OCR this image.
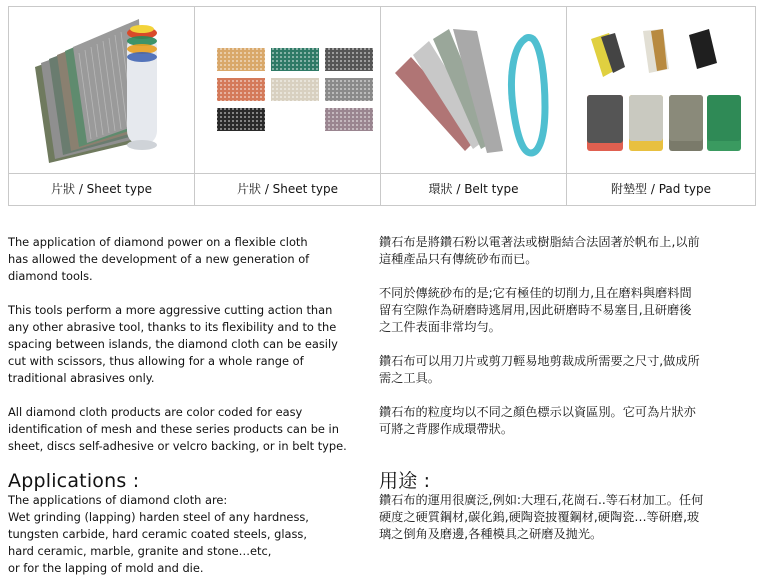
片狀 / Sheet type	片狀 / Sheet type	環狀 / Belt type	附墊型 / Pad type

The application of diamond power on a flexible cloth
has allowed the development of a new generation of
diamond tools.

This tools perform a more aggressive cutting action than
any other abrasive tool, thanks to its flexibility and to the
spacing between islands, the diamond cloth can be easily
cut with scissors, thus allowing for a whole range of
traditional abrasives only.

All diamond cloth products are color coded for easy
identification of mesh and these series products can be in
sheet, discs self-adhesive or velcro backing, or in belt type.

Applications :

The applications of diamond cloth are:

Wet grinding (lapping) harden steel of any hardness,

tungsten carbide, hard ceramic coated steels, glass,

hard ceramic, marble, granite and stone…etc,

or for the lapping of mold and die.

鑽石布是將鑽石粉以電著法或樹脂結合法固著於帆布上,以前
這種產品只有傳統砂布而已。

不同於傳統砂布的是;它有極佳的切削力,且在磨料與磨料間
留有空隙作為研磨時逃屑用,因此研磨時不易塞目,且研磨後
之工件表面非常均勻。

鑽石布可以用刀片或剪刀輕易地剪裁成所需要之尺寸,做成所
需之工具。

鑽石布的粒度均以不同之顏色標示以資區別。它可為片狀亦
可將之背膠作成環帶狀。

用途 :

鑽石布的運用很廣泛,例如:大理石,花崗石..等石材加工。任何

硬度之硬質鋼材,碳化鎢,硬陶瓷披覆鋼材,硬陶瓷…等研磨,玻

璃之倒角及磨邊,各種模具之研磨及拋光。
